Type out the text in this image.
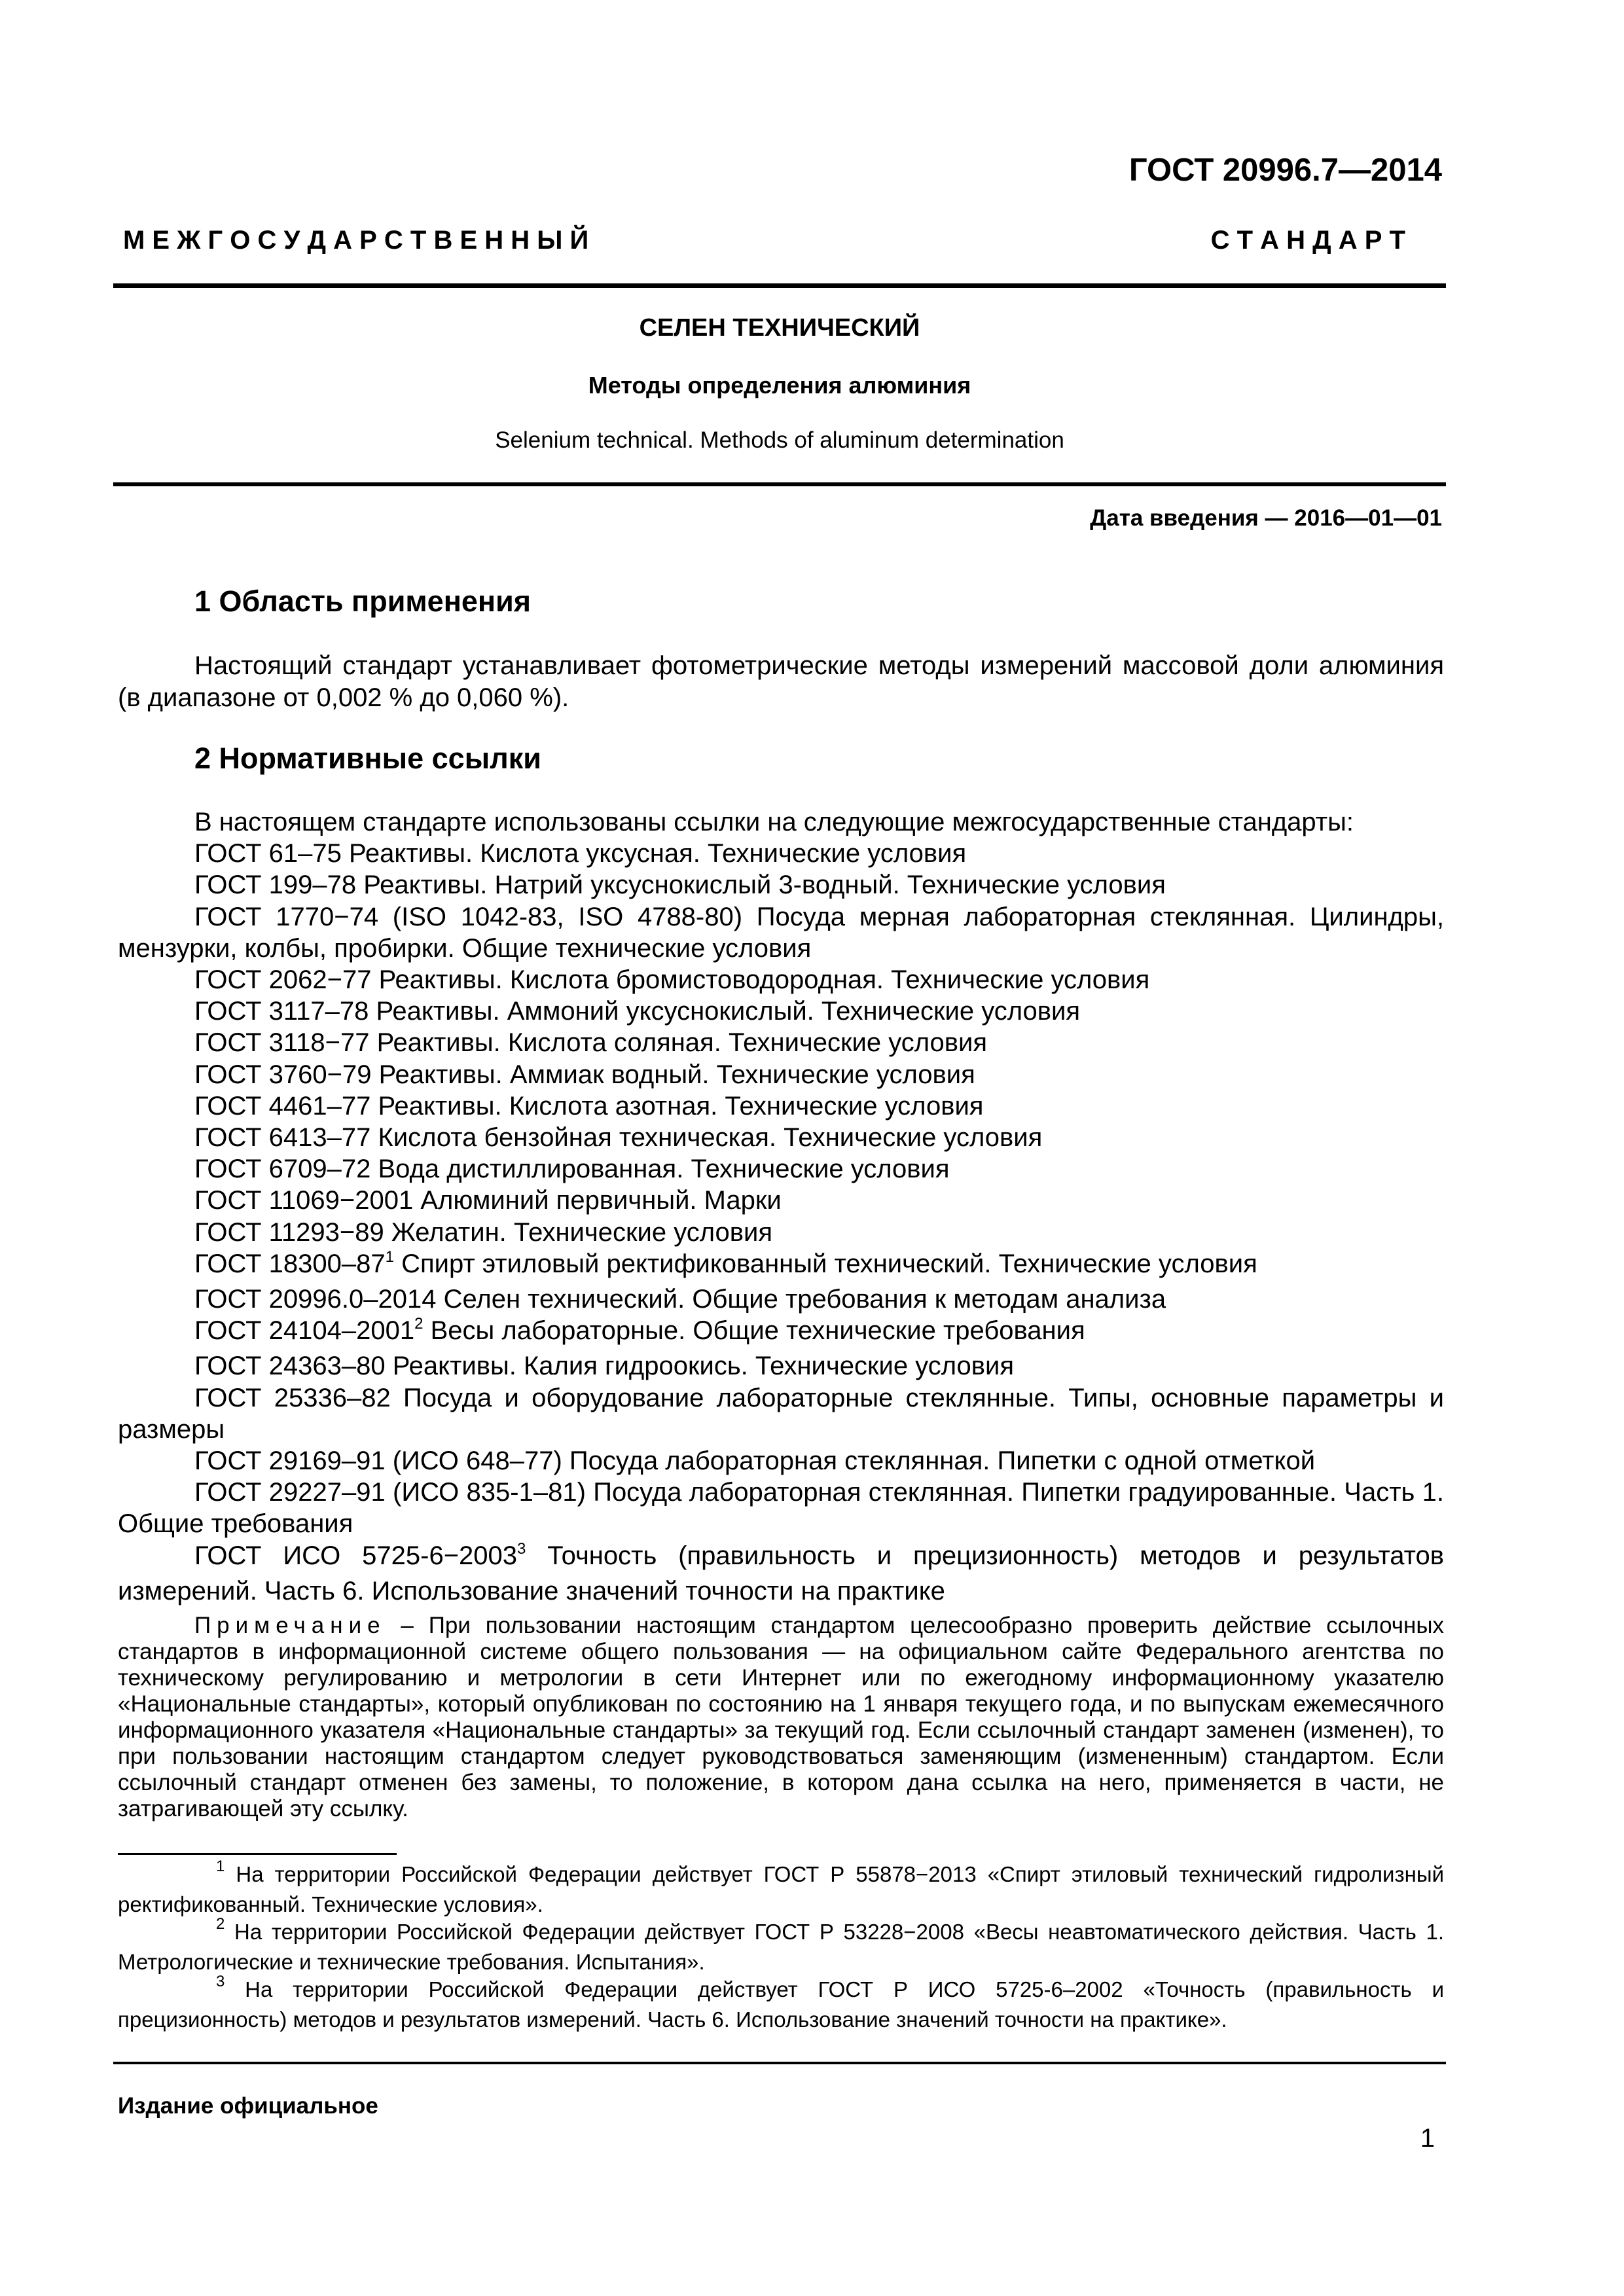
ГОСТ 20996.7—2014
М Е Ж Г О С У Д А Р С Т В Е Н Н Ы Й	С Т А Н Д А Р Т
СЕЛЕН ТЕХНИЧЕСКИЙ
Методы определения алюминия
Selenium technical. Methods of aluminum determination
Дата введения — 2016—01—01
1 Область применения

Настоящий стандарт устанавливает фотометрические методы измерений массовой доли алюминия (в диапазоне от 0,002 % до 0,060 %).

2 Нормативные ссылки

В настоящем стандарте использованы ссылки на следующие межгосударственные стандарты:

ГОСТ 61–75 Реактивы. Кислота уксусная. Технические условия

ГОСТ 199–78 Реактивы. Натрий уксуснокислый 3-водный. Технические условия

ГОСТ 1770−74 (ISO 1042-83, ISO 4788-80) Посуда мерная лабораторная стеклянная. Цилиндры, мензурки, колбы, пробирки. Общие технические условия

ГОСТ 2062−77 Реактивы. Кислота бромистоводородная. Технические условия

ГОСТ 3117–78 Реактивы. Аммоний уксуснокислый. Технические условия

ГОСТ 3118−77 Реактивы. Кислота соляная. Технические условия

ГОСТ 3760−79 Реактивы. Аммиак водный. Технические условия

ГОСТ 4461–77 Реактивы. Кислота азотная. Технические условия

ГОСТ 6413–77 Кислота бензойная техническая. Технические условия

ГОСТ 6709–72 Вода дистиллированная. Технические условия

ГОСТ 11069−2001 Алюминий первичный. Марки

ГОСТ 11293−89 Желатин. Технические условия

ГОСТ $18300-87^1$ Спирт этиловый ректификованный технический. Технические условия

ГОСТ 20996.0–2014 Селен технический. Общие требования к методам анализа

ГОСТ 24104–2001$^2$ Весы лабораторные. Общие технические требования

ГОСТ 24363–80 Реактивы. Калия гидроокись. Технические условия

ГОСТ 25336–82 Посуда и оборудование лабораторные стеклянные. Типы, основные параметры и размеры

ГОСТ 29169–91 (ИСО 648–77) Посуда лабораторная стеклянная. Пипетки с одной отметкой

ГОСТ 29227–91 (ИСО 835-1–81) Посуда лабораторная стеклянная. Пипетки градуированные. Часть 1. Общие требования

ГОСТ ИСО $5725-6-2003^3$ Точность (правильность и прецизионность) методов и результатов измерений. Часть 6. Использование значений точности на практике

Примечание – При пользовании настоящим стандартом целесообразно проверить действие ссылочных стандартов в информационной системе общего пользования — на официальном сайте Федерального агентства по техническому регулированию и метрологии в сети Интернет или по ежегодному информационному указателю «Национальные стандарты», который опубликован по состоянию на 1 января текущего года, и по выпускам ежемесячного информационного указателя «Национальные стандарты» за текущий год. Если ссылочный стандарт заменен (изменен), то при пользовании настоящим стандартом следует руководствоваться заменяющим (измененным) стандартом. Если ссылочный стандарт отменен без замены, то положение, в котором дана ссылка на него, применяется в части, не затрагивающей эту ссылку.

$^1$ На территории Российской Федерации действует ГОСТ Р 55878−2013 «Спирт этиловый технический гидролизный ректификованный. Технические условия».

$^2$ На территории Российской Федерации действует ГОСТ Р 53228−2008 «Весы неавтоматического действия. Часть 1. Метрологические и технические требования. Испытания».

$^3$ На территории Российской Федерации действует ГОСТ Р ИСО 5725-6–2002 «Точность (правильность и прецизионность) методов и результатов измерений. Часть 6. Использование значений точности на практике».

Издание официальное
1
